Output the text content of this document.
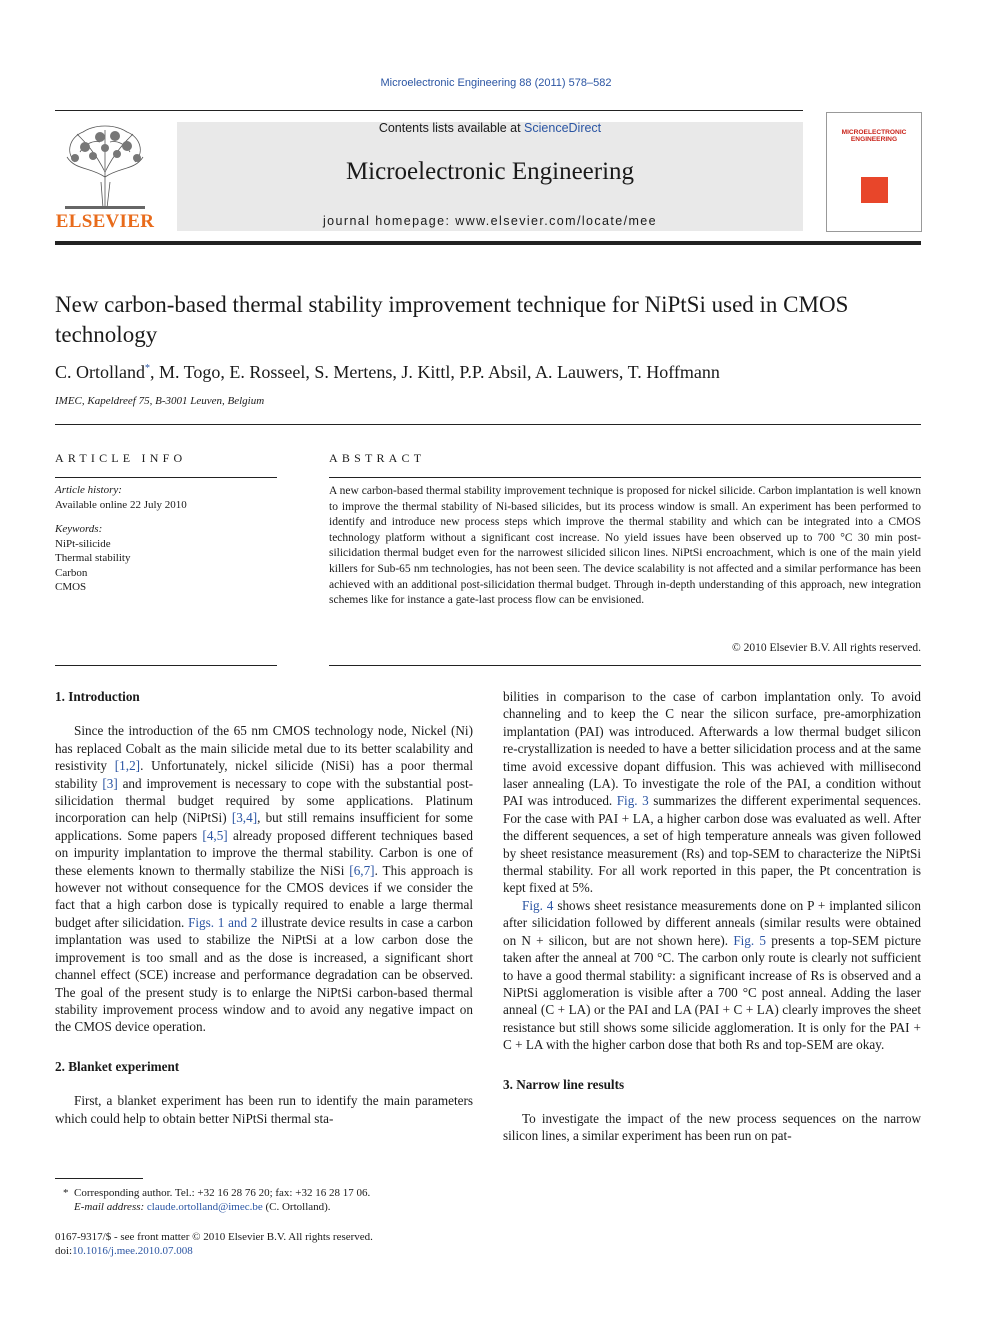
Microelectronic Engineering 88 (2011) 578–582
ELSEVIER
Contents lists available at ScienceDirect
Microelectronic Engineering
journal homepage: www.elsevier.com/locate/mee
MICROELECTRONIC ENGINEERING
New carbon-based thermal stability improvement technique for NiPtSi used in CMOS technology
C. Ortolland*, M. Togo, E. Rosseel, S. Mertens, J. Kittl, P.P. Absil, A. Lauwers, T. Hoffmann
IMEC, Kapeldreef 75, B-3001 Leuven, Belgium
ARTICLE INFO
Article history:
Available online 22 July 2010
Keywords:
NiPt-silicide
Thermal stability
Carbon
CMOS
ABSTRACT
A new carbon-based thermal stability improvement technique is proposed for nickel silicide. Carbon implantation is well known to improve the thermal stability of Ni-based silicides, but its process window is small. An experiment has been performed to identify and introduce new process steps which improve the thermal stability and which can be integrated into a CMOS technology platform without a significant cost increase. No yield issues have been observed up to 700 °C 30 min post-silicidation thermal budget even for the narrowest silicided silicon lines. NiPtSi encroachment, which is one of the main yield killers for Sub-65 nm technologies, has not been seen. The device scalability is not affected and a similar performance has been achieved with an additional post-silicidation thermal budget. Through in-depth understanding of this approach, new integration schemes like for instance a gate-last process flow can be envisioned.
© 2010 Elsevier B.V. All rights reserved.

1. Introduction

Since the introduction of the 65 nm CMOS technology node, Nickel (Ni) has replaced Cobalt as the main silicide metal due to its better scalability and resistivity [1,2]. Unfortunately, nickel silicide (NiSi) has a poor thermal stability [3] and improvement is necessary to cope with the substantial post-silicidation thermal budget required by some applications. Platinum incorporation can help (NiPtSi) [3,4], but still remains insufficient for some applications. Some papers [4,5] already proposed different techniques based on impurity implantation to improve the thermal stability. Carbon is one of these elements known to thermally stabilize the NiSi [6,7]. This approach is however not without consequence for the CMOS devices if we consider the fact that a high carbon dose is typically required to enable a large thermal budget after silicidation. Figs. 1 and 2 illustrate device results in case a carbon implantation was used to stabilize the NiPtSi at a low carbon dose the improvement is too small and as the dose is increased, a significant short channel effect (SCE) increase and performance degradation can be observed. The goal of the present study is to enlarge the NiPtSi carbon-based thermal stability improvement process window and to avoid any negative impact on the CMOS device operation.

2. Blanket experiment

First, a blanket experiment has been run to identify the main parameters which could help to obtain better NiPtSi thermal sta-

bilities in comparison to the case of carbon implantation only. To avoid channeling and to keep the C near the silicon surface, pre-amorphization implantation (PAI) was introduced. Afterwards a low thermal budget silicon re-crystallization is needed to have a better silicidation process and at the same time avoid excessive dopant diffusion. This was achieved with millisecond laser annealing (LA). To investigate the role of the PAI, a condition without PAI was introduced. Fig. 3 summarizes the different experimental sequences. For the case with PAI + LA, a higher carbon dose was evaluated as well. After the different sequences, a set of high temperature anneals was given followed by sheet resistance measurement (Rs) and top-SEM to characterize the NiPtSi thermal stability. For all work reported in this paper, the Pt concentration is kept fixed at 5%.

Fig. 4 shows sheet resistance measurements done on P + implanted silicon after silicidation followed by different anneals (similar results were obtained on N + silicon, but are not shown here). Fig. 5 presents a top-SEM picture taken after the anneal at 700 °C. The carbon only route is clearly not sufficient to have a good thermal stability: a significant increase of Rs is observed and a NiPtSi agglomeration is visible after a 700 °C post anneal. Adding the laser anneal (C + LA) or the PAI and LA (PAI + C + LA) clearly improves the sheet resistance but still shows some silicide agglomeration. It is only for the PAI + C + LA with the higher carbon dose that both Rs and top-SEM are okay.

3. Narrow line results

To investigate the impact of the new process sequences on the narrow silicon lines, a similar experiment has been run on pat-

* Corresponding author. Tel.: +32 16 28 76 20; fax: +32 16 28 17 06.
E-mail address: claude.ortolland@imec.be (C. Ortolland).
0167-9317/$ - see front matter © 2010 Elsevier B.V. All rights reserved.
doi:10.1016/j.mee.2010.07.008
